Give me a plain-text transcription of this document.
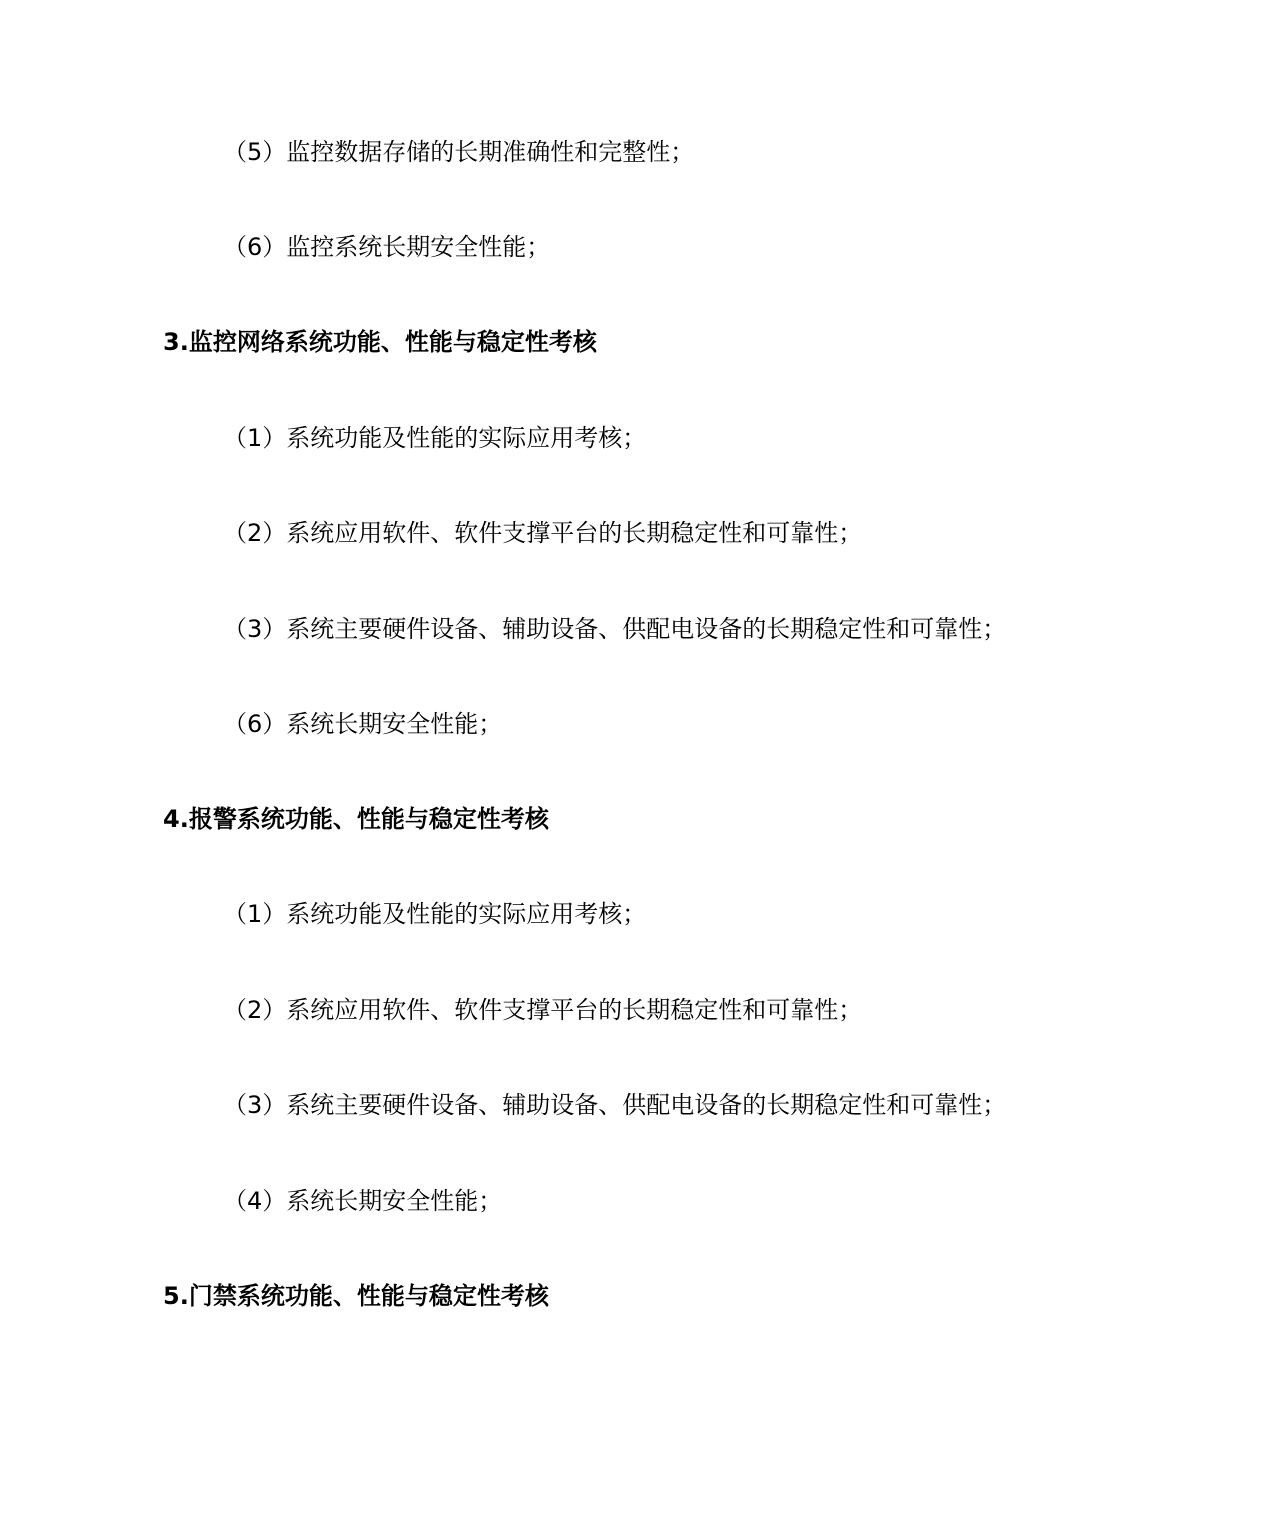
（5）监控数据存储的长期准确性和完整性；
（6）监控系统长期安全性能；
3.监控网络系统功能、性能与稳定性考核
（1）系统功能及性能的实际应用考核；
（2）系统应用软件、软件支撑平台的长期稳定性和可靠性；
（3）系统主要硬件设备、辅助设备、供配电设备的长期稳定性和可靠性；
（6）系统长期安全性能；
4.报警系统功能、性能与稳定性考核
（1）系统功能及性能的实际应用考核；
（2）系统应用软件、软件支撑平台的长期稳定性和可靠性；
（3）系统主要硬件设备、辅助设备、供配电设备的长期稳定性和可靠性；
（4）系统长期安全性能；
5.门禁系统功能、性能与稳定性考核
